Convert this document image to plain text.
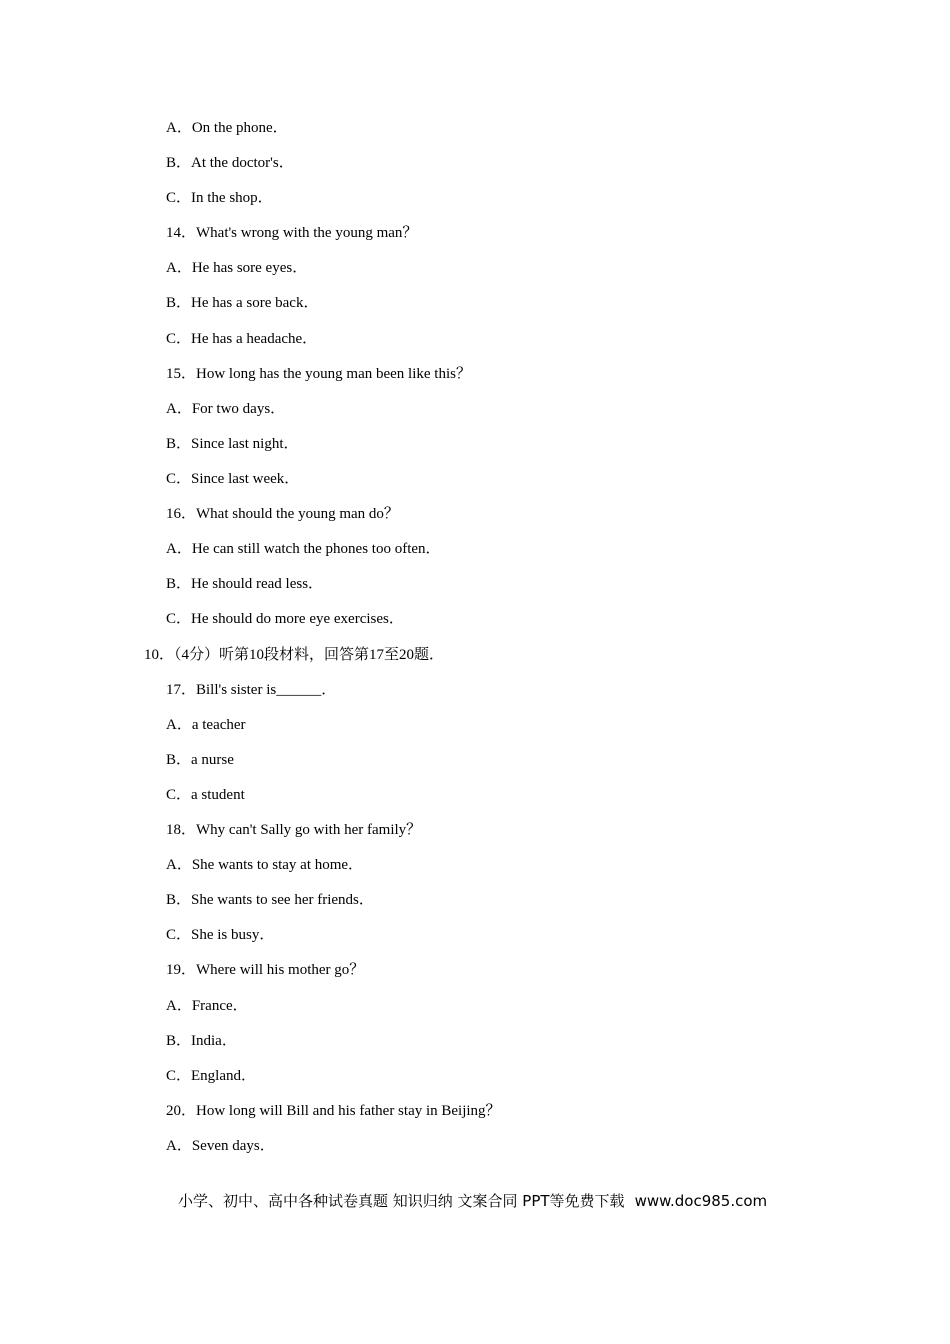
A．On the phone．
B．At the doctor's．
C．In the shop．
14．What's wrong with the young man？
A．He has sore eyes．
B．He has a sore back．
C．He has a headache．
15．How long has the young man been like this？
A．For two days．
B．Since last night．
C．Since last week．
16．What should the young man do？
A．He can still watch the phones too often．
B．He should read less．
C．He should do more eye exercises．
10．（4分）听第10段材料，回答第17至20题．
17．Bill's sister is______．
A．a teacher
B．a nurse
C．a student
18．Why can't Sally go with her family？
A．She wants to stay at home．
B．She wants to see her friends．
C．She is busy．
19．Where will his mother go？
A．France．
B．India．
C．England．
20．How long will Bill and his father stay in Beijing？
A．Seven days．
小学、初中、高中各种试卷真题 知识归纳 文案合同 PPT等免费下载 www.doc985.com
